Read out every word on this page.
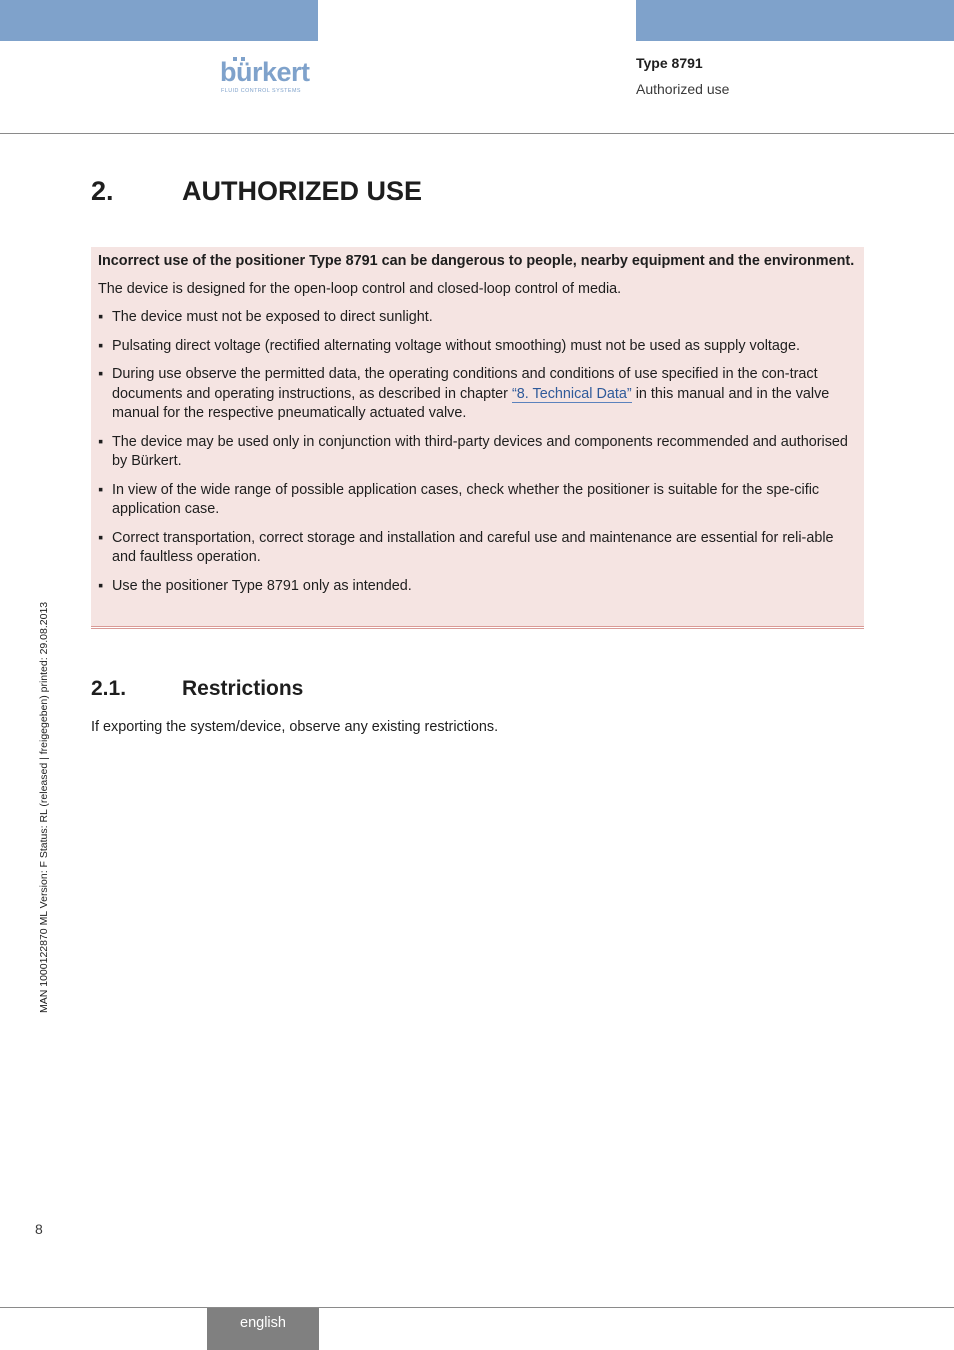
bürkert
FLUID CONTROL SYSTEMS
Type 8791
Authorized use
2.	AUTHORIZED USE

Incorrect use of the positioner Type 8791 can be dangerous to people, nearby equipment and the environment.

The device is designed for the open-loop control and closed-loop control of media.

▪ The device must not be exposed to direct sunlight.
▪ Pulsating direct voltage (rectified alternating voltage without smoothing) must not be used as supply voltage.
▪ During use observe the permitted data, the operating conditions and conditions of use specified in the con-tract documents and operating instructions, as described in chapter “8. Technical Data” in this manual and in the valve manual for the respective pneumatically actuated valve.
▪ The device may be used only in conjunction with third-party devices and components recommended and authorised by Bürkert.
▪ In view of the wide range of possible application cases, check whether the positioner is suitable for the spe-cific application case.
▪ Correct transportation, correct storage and installation and careful use and maintenance are essential for reli-able and faultless operation.
▪ Use the positioner Type 8791 only as intended.
2.1.	Restrictions
If exporting the system/device, observe any existing restrictions.
MAN 1000122870 ML Version: F Status: RL (released | freigegeben) printed: 29.08.2013
8
english
